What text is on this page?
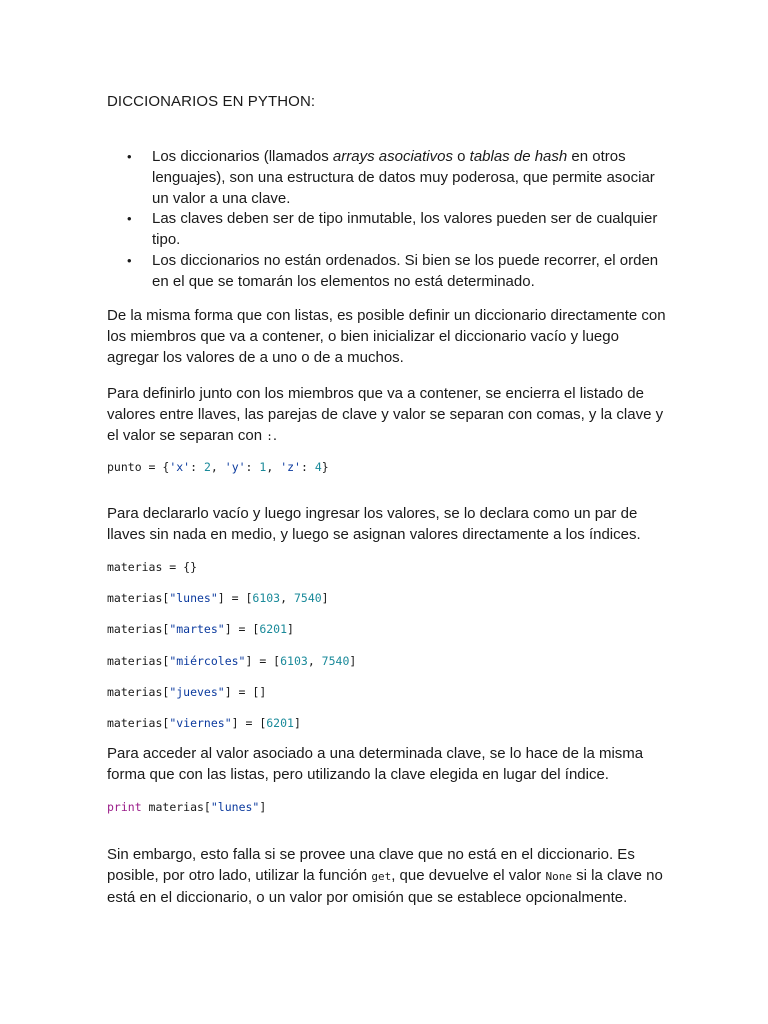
DICCIONARIOS EN PYTHON:
• Los diccionarios (llamados arrays asociativos o tablas de hash en otros lenguajes), son una estructura de datos muy poderosa, que permite asociar un valor a una clave.
• Las claves deben ser de tipo inmutable, los valores pueden ser de cualquier tipo.
• Los diccionarios no están ordenados. Si bien se los puede recorrer, el orden en el que se tomarán los elementos no está determinado.

De la misma forma que con listas, es posible definir un diccionario directamente con los miembros que va a contener, o bien inicializar el diccionario vacío y luego agregar los valores de a uno o de a muchos.

Para definirlo junto con los miembros que va a contener, se encierra el listado de valores entre llaves, las parejas de clave y valor se separan con comas, y la clave y el valor se separan con :.

punto = {'x': 2, 'y': 1, 'z': 4}

Para declararlo vacío y luego ingresar los valores, se lo declara como un par de llaves sin nada en medio, y luego se asignan valores directamente a los índices.

materias = {}
materias["lunes"] = [6103, 7540]
materias["martes"] = [6201]
materias["miércoles"] = [6103, 7540]
materias["jueves"] = []
materias["viernes"] = [6201]

Para acceder al valor asociado a una determinada clave, se lo hace de la misma forma que con las listas, pero utilizando la clave elegida en lugar del índice.

print materias["lunes"]

Sin embargo, esto falla si se provee una clave que no está en el diccionario. Es posible, por otro lado, utilizar la función get, que devuelve el valor None si la clave no está en el diccionario, o un valor por omisión que se establece opcionalmente.
